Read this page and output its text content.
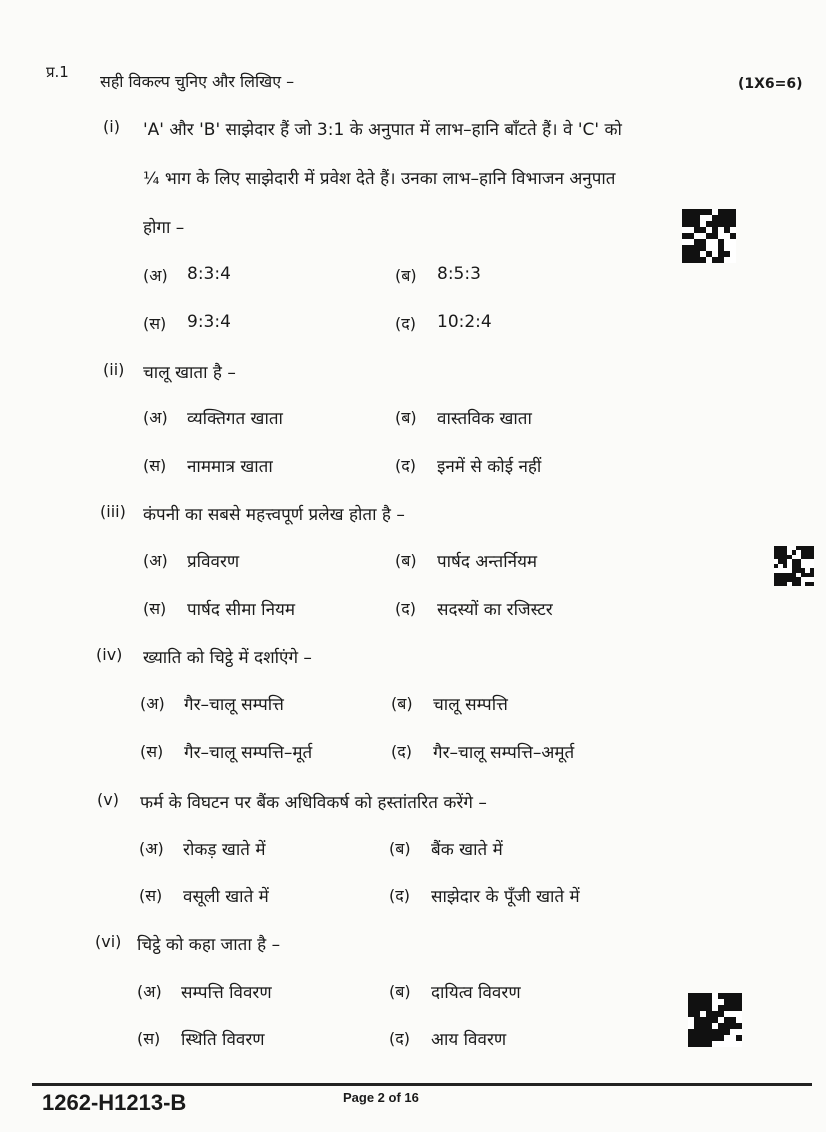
प्र.1 सही विकल्प चुनिए और लिखिए –	(1X6=6)
(i) 'A' और 'B' साझेदार हैं जो 3:1 के अनुपात में लाभ–हानि बाँटते हैं। वे 'C' को
¼ भाग के लिए साझेदारी में प्रवेश देते हैं। उनका लाभ–हानि विभाजन अनुपात
होगा –
(अ) 8:3:4	(ब) 8:5:3
(स) 9:3:4	(द) 10:2:4
(ii) चालू खाता है –
(अ) व्यक्तिगत खाता	(ब) वास्तविक खाता
(स) नाममात्र खाता	(द) इनमें से कोई नहीं
(iii) कंपनी का सबसे महत्त्वपूर्ण प्रलेख होता है –
(अ) प्रविवरण	(ब) पार्षद अन्तर्नियम
(स) पार्षद सीमा नियम	(द) सदस्यों का रजिस्टर
(iv) ख्याति को चिट्ठे में दर्शाएंगे –
(अ) गैर–चालू सम्पत्ति	(ब) चालू सम्पत्ति
(स) गैर–चालू सम्पत्ति–मूर्त	(द) गैर–चालू सम्पत्ति–अमूर्त
(v) फर्म के विघटन पर बैंक अधिविकर्ष को हस्तांतरित करेंगे –
(अ) रोकड़ खाते में	(ब) बैंक खाते में
(स) वसूली खाते में	(द) साझेदार के पूँजी खाते में
(vi) चिट्ठे को कहा जाता है –
(अ) सम्पत्ति विवरण	(ब) दायित्व विवरण
(स) स्थिति विवरण	(द) आय विवरण
1262-H1213-B	Page 2 of 16
